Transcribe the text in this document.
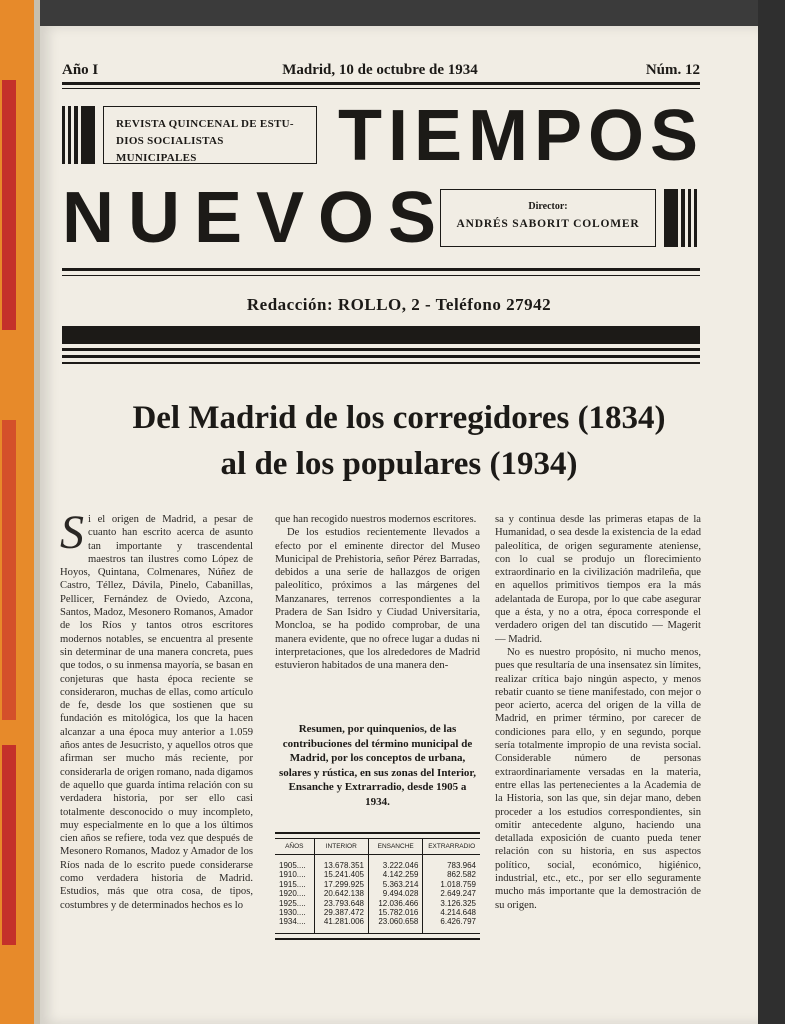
Año I	Madrid, 10 de octubre de 1934	Núm. 12
REVISTA QUINCENAL DE ESTU-
DIOS SOCIALISTAS MUNICIPALES	TIEMPOS
NUEVOS	Director:
ANDRÉS SABORIT COLOMER
Redacción: ROLLO, 2 - Teléfono 27942
Del Madrid de los corregidores (1834)
al de los populares (1934)
S i el origen de Madrid, a pesar de cuanto han escrito acerca de asunto tan importante y trascendental maestros tan ilustres como López de Hoyos, Quintana, Colmenares, Núñez de Castro, Téllez, Dávila, Pinelo, Cabanillas, Pellicer, Fernández de Oviedo, Azcona, Santos, Madoz, Mesonero Romanos, Amador de los Ríos y tantos otros escritores modernos notables, se encuentra al presente sin determinar de una manera concreta, pues que todos, o su inmensa mayoría, se basan en conjeturas que hasta época reciente se consideraron, muchas de ellas, como artículo de fe, desde los que sostienen que su fundación es mitológica, los que la hacen alcanzar a una época muy anterior a 1.059 años antes de Jesucristo, y aquellos otros que afirman ser mucho más reciente, por considerarla de origen romano, nada digamos de aquello que guarda íntima relación con su verdadera historia, por ser ello casi totalmente desconocido o muy incompleto, muy especialmente en lo que a los últimos cien años se refiere, toda vez que después de Mesonero Romanos, Madoz y Amador de los Ríos nada de lo escrito puede considerarse como verdadera historia de Madrid. Estudios, más que otra cosa, de tipos, costumbres y de determinados hechos es lo

que han recogido nuestros modernos escritores.

De los estudios recientemente llevados a efecto por el eminente director del Museo Municipal de Prehistoria, señor Pérez Barradas, debidos a una serie de hallazgos de origen paleolítico, próximos a las márgenes del Manzanares, terrenos correspondientes a la Pradera de San Isidro y Ciudad Universitaria, Moncloa, se ha podido comprobar, de una manera evidente, que no ofrece lugar a dudas ni interpretaciones, que los alrededores de Madrid estuvieron habitados de una manera den-

Resumen, por quinquenios, de las contribuciones del término municipal de Madrid, por los conceptos de urbana, solares y rústica, en sus zonas del Interior, Ensanche y Extrarradio, desde 1905 a 1934.
AÑOS	INTERIOR	ENSANCHE	EXTRARRADIO
1905....	13.678.351	3.222.046	783.964
1910....	15.241.405	4.142.259	862.582
1915....	17.299.925	5.363.214	1.018.759
1920....	20.642.138	9.494.028	2.649.247
1925....	23.793.648	12.036.466	3.126.325
1930....	29.387.472	15.782.016	4.214.648
1934....	41.281.006	23.060.658	6.426.797

sa y continua desde las primeras etapas de la Humanidad, o sea desde la existencia de la edad paleolítica, de origen seguramente ateniense, con lo cual se produjo un florecimiento extraordinario en la civilización madrileña, que en aquellos primitivos tiempos era la más adelantada de Europa, por lo que cabe asegurar que a ésta, y no a otra, época corresponde el verdadero origen del tan discutido — Magerit — Madrid.

No es nuestro propósito, ni mucho menos, pues que resultaría de una insensatez sin límites, realizar crítica bajo ningún aspecto, y menos rebatir cuanto se tiene manifestado, con mejor o peor acierto, acerca del origen de la villa de Madrid, en primer término, por carecer de condiciones para ello, y en segundo, porque sería totalmente impropio de una revista social. Considerable número de personas extraordinariamente versadas en la materia, entre ellas las pertenecientes a la Academia de la Historia, son las que, sin dejar mano, deben proceder a los estudios correspondientes, sin omitir antecedente alguno, haciendo una detallada exposición de cuanto pueda tener relación con su historia, en sus aspectos político, social, económico, higiénico, industrial, etc., etc., por ser ello seguramente mucho más importante que la demostración de su origen.
